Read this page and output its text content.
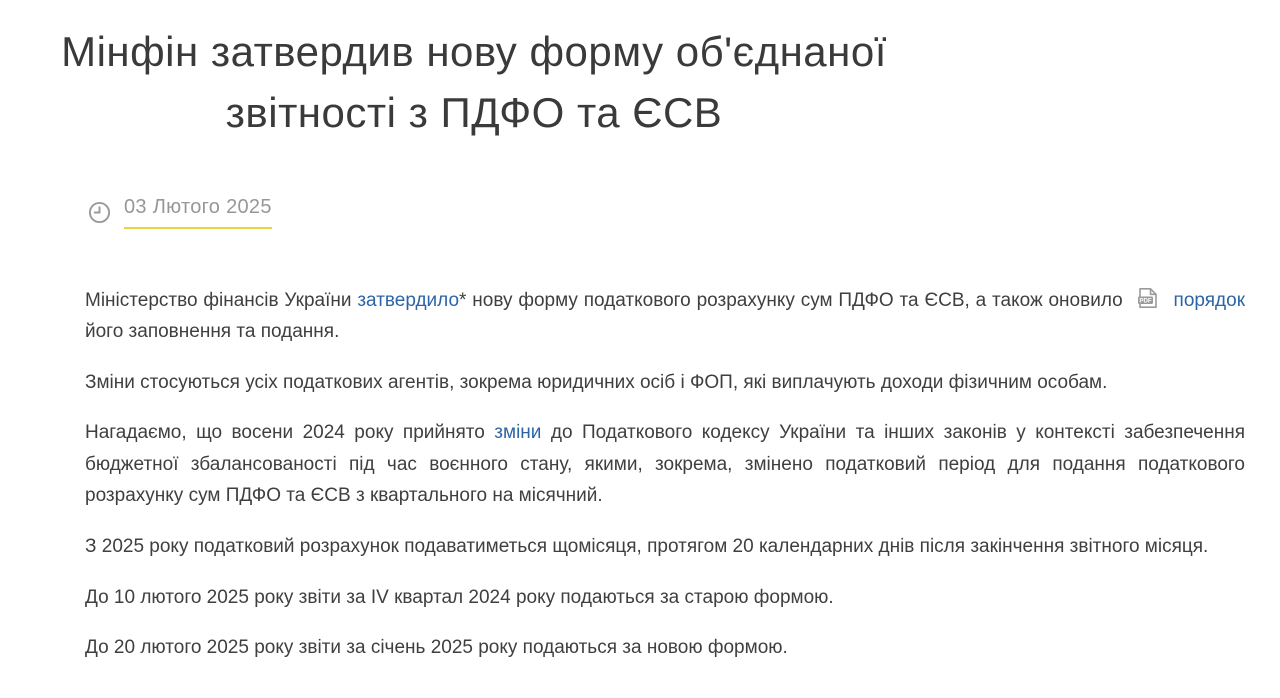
Мінфін затвердив нову форму об'єднаної звітності з ПДФО та ЄСВ
03 Лютого 2025

Міністерство фінансів України затвердило* нову форму податкового розрахунку сум ПДФО та ЄСВ, а також оновило PDF порядок його заповнення та подання.

Зміни стосуються усіх податкових агентів, зокрема юридичних осіб і ФОП, які виплачують доходи фізичним особам.

Нагадаємо, що восени 2024 року прийнято зміни до Податкового кодексу України та інших законів у контексті забезпечення бюджетної збалансованості під час воєнного стану, якими, зокрема, змінено податковий період для подання податкового розрахунку сум ПДФО та ЄСВ з квартального на місячний.

З 2025 року податковий розрахунок подаватиметься щомісяця, протягом 20 календарних днів після закінчення звітного місяця.

До 10 лютого 2025 року звіти за IV квартал 2024 року подаються за старою формою.

До 20 лютого 2025 року звіти за січень 2025 року подаються за новою формою.
